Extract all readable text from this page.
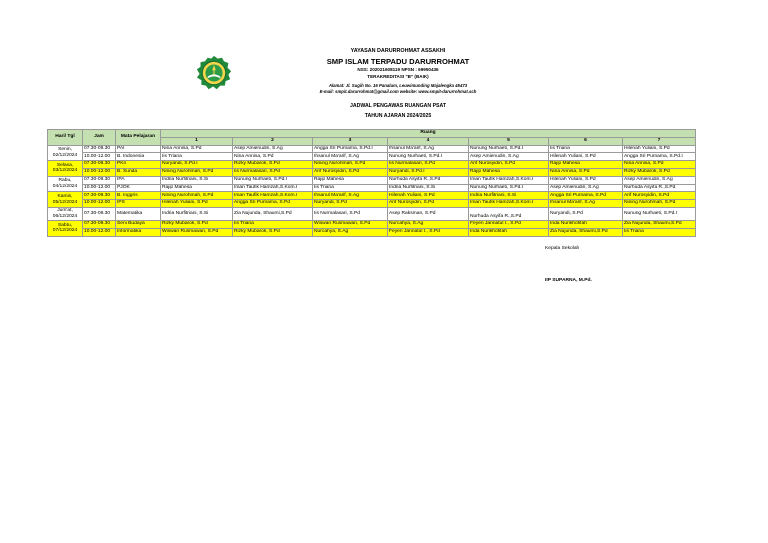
YAYASAN DARURROHMAT ASSAKHI
SMP ISLAM TERPADU DARURROHMAT
NSS: 202021608119 NPSN : 69950436
TERAKREDITASI "B" (BAIK)
Alamat: Jl. Sugih No. 16 Panalum, Leuwimunding Majalengka 45473
E-mail: smpit.darurrohmat@gmail.com website: www.smpit-darurrohmat.sch
JADWAL PENGAWAS RUANGAN PSAT
TAHUN AJARAN 2024/2025
Hari/ Tgl	Jam	Mata Pelajaran	Ruang						
			1	2	3	4	5	6	7
Senin,
02/12/2024	07.30-09.30	PAI	Nina Annisa, S.Pd	Asep Amienudin, S.Ag	Angga Sri Purnama, S.Pd.I	Ihsanul Ma'arif, S.Ag	Nunung Nurhaeti, S.Pd.I	Iis Triana	Hilenah Yuliani, S.Pd
	10.00-12.00	B. Indonesia	Iis Triana	Nina Annisa, S.Pd	Ihsanul Ma'arif, S.Ag	Nunung Nurhaeti, S.Pd.I	Asep Amienudin, S.Ag	Hilenah Yuliani, S.Pd	Angga Sri Purnama, S.Pd.I
Selasa,
03/12/2024	07.30-09.30	PKn	Nuryandi, S.Pd.I	Rizky Mubarok, S.Pd	Nining Nurohmah, S.Pd	Iis Nurmalasari, S.Pd	Arif Nurosyidin, S.Pd	Rajip Mahesa	Nina Annisa, S.Pd
	10.00-12.00	B. Sunda	Nining Nurohmah, S.Pd	Iis Nurmalasari, S.Pd	Arif Nurosyidin, S.Pd	Nuryandi, S.Pd.I	Rajip Mahesa	Nina Annisa, S.Pd	Rizky Mubarok, S.Pd
Rabu,
04/12/2024	07.30-09.30	IPA	Indria Nurfitriani, S.Si	Nunung Nurhaeti, S.Pd.I	Rajip Mahesa	Nurhuda Asyifa R.,S.Pd	Iman Taufik Hamzah,S.Kom.I	Hilenah Yuliani, S.Pd	Asep Amienudin, S.Ag
	10.00-12.00	PJOK	Rajip Mahesa	Iman Taufik Hamzah,S.Kom.I	Iis Triana	Indria Nurfitriani, S.Si	Nunung Nurhaeti, S.Pd.I	Asep Amienudin, S.Ag	Nurhuda Asyifa R.,S.Pd
Kamis,
05/12/2024	07.30-09.30	B. Inggris	Nining Nurohmah, S.Pd	Iman Taufik Hamzah,S.Kom.I	Ihsanul Ma'arif, S.Ag	Hilenah Yuliani, S.Pd	Indria Nurfitriani, S.Si	Angga Sri Purnama, S.Pd	Arif Nurosyidin, S.Pd
	10.00-12.00	IPS	Hilenah Yuliani, S.Pd	Angga Sri Purnama, S.Pd	Nuryandi, S.Pd	Arif Nurosyidin, S.Pd	Iman Taufik Hamzah,S.Kom.I	Ihsanul Ma'arif, S.Ag	Nining Nurohmah, S.Pd
Jum'at,
06/12/2024	07.30-09.30	Matematika	Indria Nurfitriani, S.Si	Zia Nujunda, Shaumi,S.Pd	Iis Nurmalasari, S.Pd	Asep Raksman, S.Pd	Nurhuda Asyifa R.,S.Pd	Nuryandi, S.Pd	Nunung Nurhaeti, S.Pd.I
Sabtu,
07/12/2024	07.30-09.30	Seni Budaya	Rizky Mubarok, S.Pd	Iis Triana	Wiswan Rusmawan, S.Pd	Nurcahya, S.Ag	Feyen Jannatul I., S.Pd	Inda Nurikhofifah	Zia Nujunda, Shaumi,S.Pd
	10.00-12.00	Informatika	Wiswan Rusmawan, S.Pd	Rizky Mubarok, S.Pd	Nurcahya, S.Ag	Feyen Jannatul I., S.Pd	Inda Nurikhofifah	Zia Nujunda, Shaumi,S.Pd	Iis Triana
Kepala Sekolah
IIP SUPARNA, M.Pd.
